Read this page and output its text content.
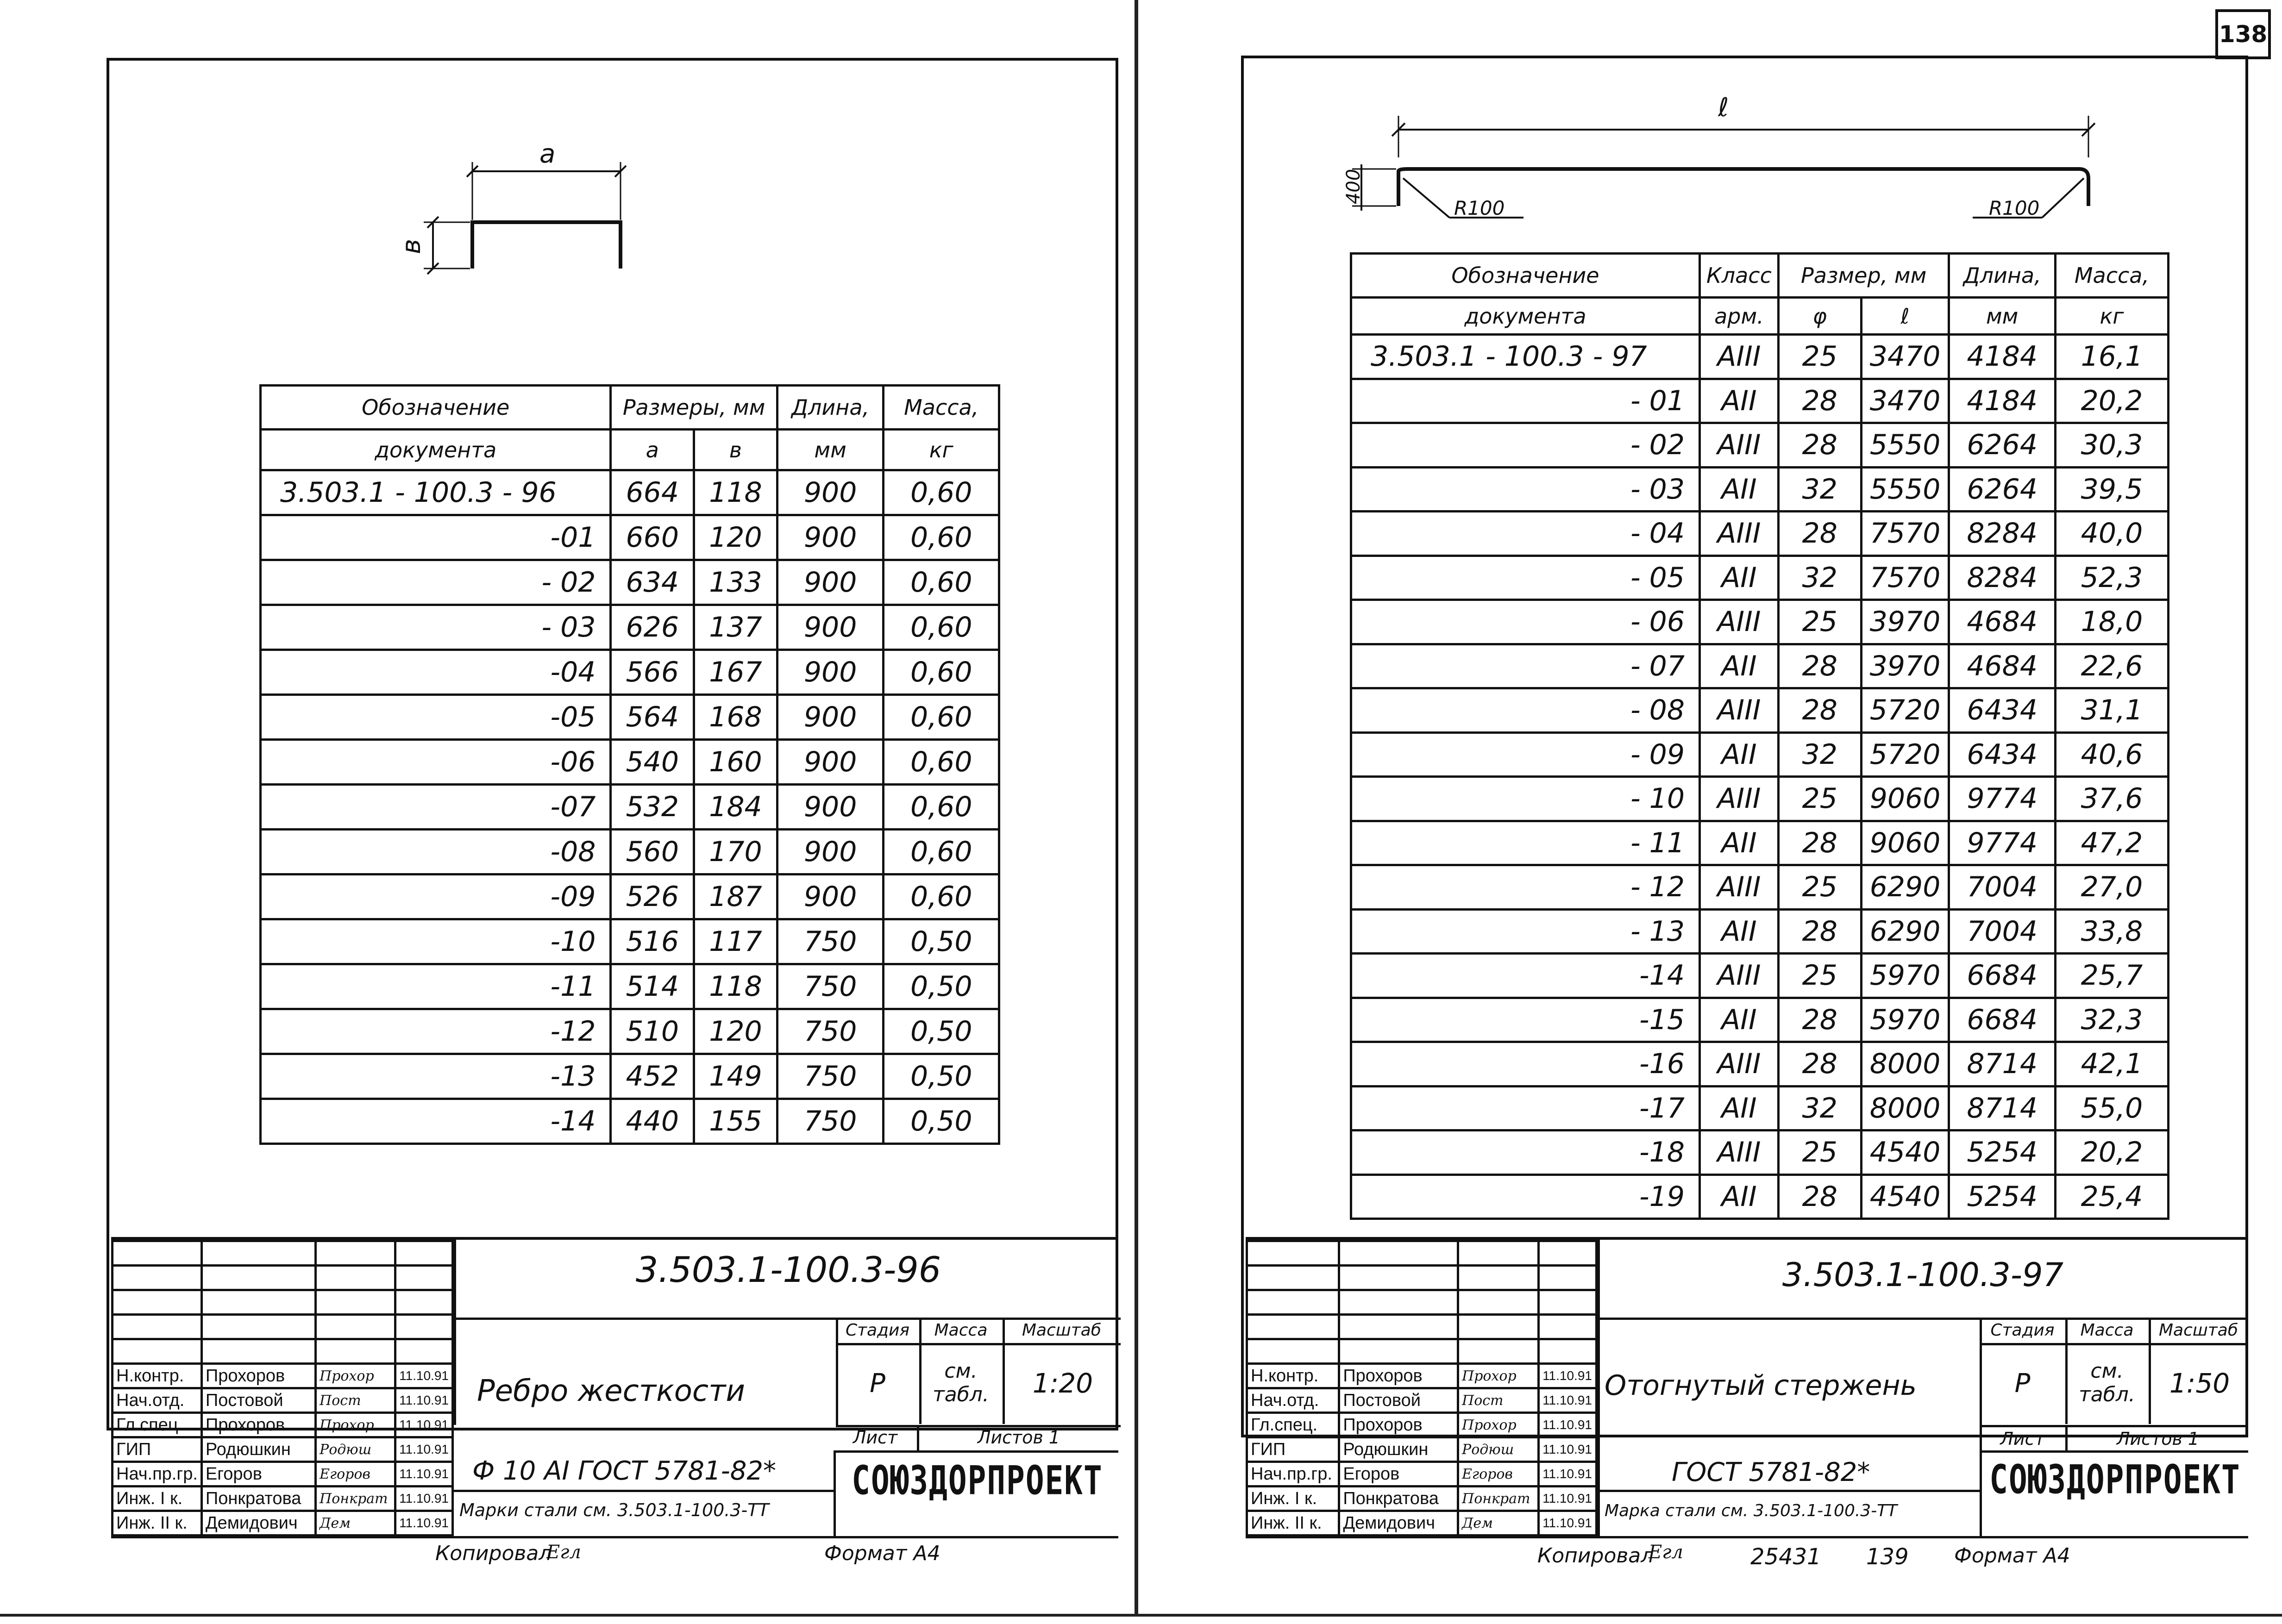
138
a
в
Обозначение	Размеры, мм		Длина,	Масса,
документа	a	в	мм	кг
3.503.1 - 100.3 - 96	664	118	900	0,60
-01	660	120	900	0,60
- 02	634	133	900	0,60
- 03	626	137	900	0,60
-04	566	167	900	0,60
-05	564	168	900	0,60
-06	540	160	900	0,60
-07	532	184	900	0,60
-08	560	170	900	0,60
-09	526	187	900	0,60
-10	516	117	750	0,50
-11	514	118	750	0,50
-12	510	120	750	0,50
-13	452	149	750	0,50
-14	440	155	750	0,50

Н.контр.	Прохоров	Прохор	11.10.91
Нач.отд.	Постовой	Пост	11.10.91
Гл.спец.	Прохоров	Прохор	11.10.91
ГИП	Родюшкин	Родюш	11.10.91
Нач.пр.гр.	Егоров	Егоров	11.10.91
Инж. I к.	Понкратова	Понкрат	11.10.91
Инж. II к.	Демидович	Дем	11.10.91
3.503.1-100.3-96
Ребро жесткости
Стадия	Масса	Масштаб
Р	см. табл.	1:20
Лист	Листов 1
Ф 10 АI ГОСТ 5781-82*
Марки стали см. 3.503.1-100.3-ТТ
СОЮЗДОРПРОЕКТ
Копировал
Егл	Формат А4
ℓ
400
R100	R100
Обозначение	Класс	Размер, мм		Длина,	Масса,
документа	арм.	φ	ℓ	мм	кг
3.503.1 - 100.3 - 97	AIII	25	3470	4184	16,1
- 01	AII	28	3470	4184	20,2
- 02	AIII	28	5550	6264	30,3
- 03	AII	32	5550	6264	39,5
- 04	AIII	28	7570	8284	40,0
- 05	AII	32	7570	8284	52,3
- 06	AIII	25	3970	4684	18,0
- 07	AII	28	3970	4684	22,6
- 08	AIII	28	5720	6434	31,1
- 09	AII	32	5720	6434	40,6
- 10	AIII	25	9060	9774	37,6
- 11	AII	28	9060	9774	47,2
- 12	AIII	25	6290	7004	27,0
- 13	AII	28	6290	7004	33,8
-14	AIII	25	5970	6684	25,7
-15	AII	28	5970	6684	32,3
-16	AIII	28	8000	8714	42,1
-17	AII	32	8000	8714	55,0
-18	AIII	25	4540	5254	20,2
-19	AII	28	4540	5254	25,4

Н.контр.	Прохоров	Прохор	11.10.91
Нач.отд.	Постовой	Пост	11.10.91
Гл.спец.	Прохоров	Прохор	11.10.91
ГИП	Родюшкин	Родюш	11.10.91
Нач.пр.гр.	Егоров	Егоров	11.10.91
Инж. I к.	Понкратова	Понкрат	11.10.91
Инж. II к.	Демидович	Дем	11.10.91
3.503.1-100.3-97
Отогнутый стержень
Стадия	Масса	Масштаб
Р	см. табл.	1:50
Лист	Листов 1
ГОСТ 5781-82*
Марка стали см. 3.503.1-100.3-ТТ
СОЮЗДОРПРОЕКТ
Копировал
Егл	25431 139 Формат А4
